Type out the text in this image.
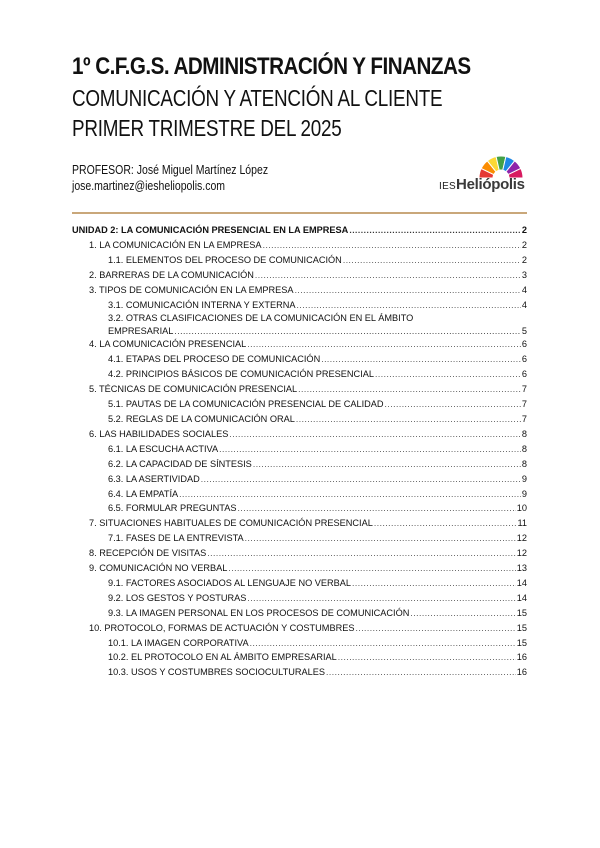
1º C.F.G.S. ADMINISTRACIÓN Y FINANZAS
COMUNICACIÓN Y ATENCIÓN AL CLIENTE
PRIMER TRIMESTRE DEL 2025
PROFESOR: José Miguel Martínez López
jose.martinez@iesheliopolis.com	IESHeliópolis
UNIDAD 2: LA COMUNICACIÓN PRESENCIAL EN LA EMPRESA .....	2
1. LA COMUNICACIÓN EN LA EMPRESA .....	2
1.1. ELEMENTOS DEL PROCESO DE COMUNICACIÓN .....	2
2. BARRERAS DE LA COMUNICACIÓN .....	3
3. TIPOS DE COMUNICACIÓN EN LA EMPRESA .....	4
3.1. COMUNICACIÓN INTERNA Y EXTERNA .....	4
3.2. OTRAS CLASIFICACIONES DE LA COMUNICACIÓN EN EL ÁMBITO
EMPRESARIAL .....	5
4. LA COMUNICACIÓN PRESENCIAL .....	6
4.1. ETAPAS DEL PROCESO DE COMUNICACIÓN .....	6
4.2. PRINCIPIOS BÁSICOS DE COMUNICACIÓN PRESENCIAL .....	6
5. TÉCNICAS DE COMUNICACIÓN PRESENCIAL .....	7
5.1. PAUTAS DE LA COMUNICACIÓN PRESENCIAL DE CALIDAD .....	7
5.2. REGLAS DE LA COMUNICACIÓN ORAL .....	7
6. LAS HABILIDADES SOCIALES .....	8
6.1. LA ESCUCHA ACTIVA .....	8
6.2. LA CAPACIDAD DE SÍNTESIS .....	8
6.3. LA ASERTIVIDAD .....	9
6.4. LA EMPATÍA .....	9
6.5. FORMULAR PREGUNTAS .....	10
7. SITUACIONES HABITUALES DE COMUNICACIÓN PRESENCIAL .....	11
7.1. FASES DE LA ENTREVISTA .....	12
8. RECEPCIÓN DE VISITAS .....	12
9. COMUNICACIÓN NO VERBAL .....	13
9.1. FACTORES ASOCIADOS AL LENGUAJE NO VERBAL .....	14
9.2. LOS GESTOS Y POSTURAS .....	14
9.3. LA IMAGEN PERSONAL EN LOS PROCESOS DE COMUNICACIÓN .....	15
10. PROTOCOLO, FORMAS DE ACTUACIÓN Y COSTUMBRES .....	15
10.1. LA IMAGEN CORPORATIVA .....	15
10.2. EL PROTOCOLO EN AL ÁMBITO EMPRESARIAL .....	16
10.3. USOS Y COSTUMBRES SOCIOCULTURALES .....	16
